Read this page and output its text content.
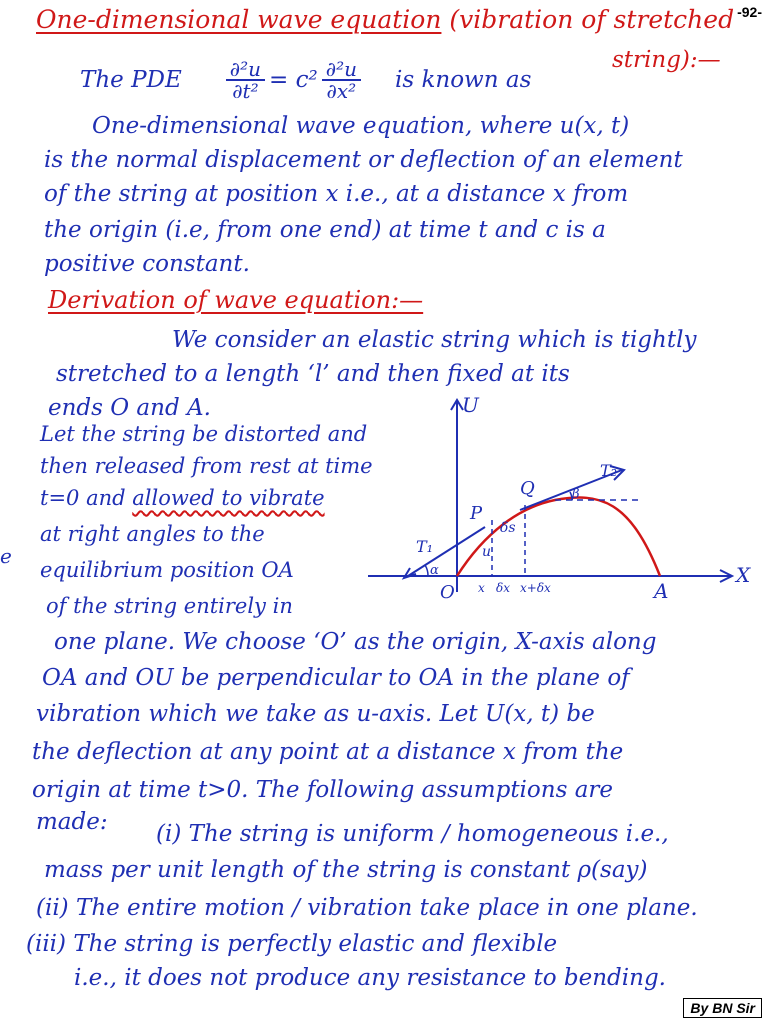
-92-
e
One-dimensional wave equation (vibration of stretched
string):—
The PDE $\frac{\text{∂²u}}{\text{∂t²}} = c^2 \frac{\text{∂²u}}{\text{∂x²}}$ is known as
One-dimensional wave equation, where u(x, t)
is the normal displacement or deflection of an element
of the string at position x i.e., at a distance x from
the origin (i.e, from one end) at time t and c is a
positive constant.
Derivation of wave equation:—
We consider an elastic string which is tightly
stretched to a length ‘l’ and then fixed at its
ends O and A.
Let the string be distorted and
then released from rest at time
t=0 and allowed to vibrate
at right angles to the
equilibrium position OA
of the string entirely in
U
X
O	A
P
Q
T₁
T₂
α
β
δs
u
x δx x+δx
one plane. We choose ‘O’ as the origin, X-axis along
OA and OU be perpendicular to OA in the plane of
vibration which we take as u-axis. Let U(x, t) be
the deflection at any point at a distance x from the
origin at time t>0. The following assumptions are
made: (i) The string is uniform / homogeneous i.e.,
mass per unit length of the string is constant ρ(say)
(ii) The entire motion / vibration take place in one plane.
(iii) The string is perfectly elastic and flexible
i.e., it does not produce any resistance to bending.
By BN Sir
